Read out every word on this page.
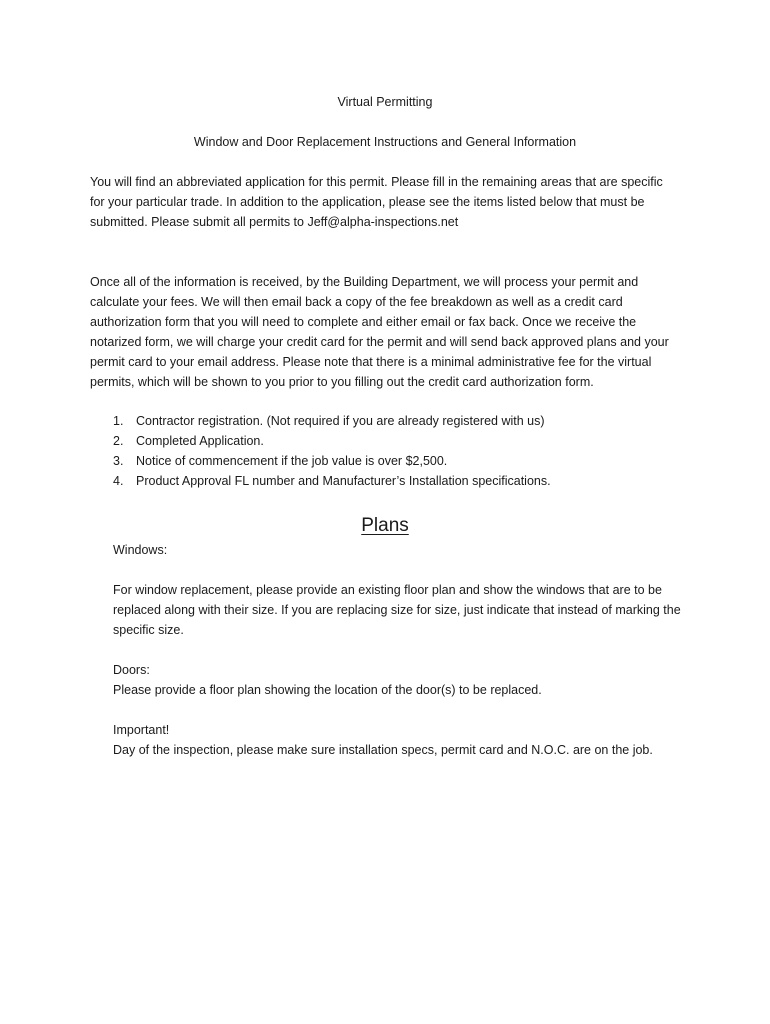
Virtual Permitting
Window and Door Replacement Instructions and General Information

You will find an abbreviated application for this permit. Please fill in the remaining areas that are specific for your particular trade. In addition to the application, please see the items listed below that must be submitted. Please submit all permits to Jeff@alpha-inspections.net

Once all of the information is received, by the Building Department, we will process your permit and calculate your fees. We will then email back a copy of the fee breakdown as well as a credit card authorization form that you will need to complete and either email or fax back. Once we receive the notarized form, we will charge your credit card for the permit and will send back approved plans and your permit card to your email address. Please note that there is a minimal administrative fee for the virtual permits, which will be shown to you prior to you filling out the credit card authorization form.

1.	Contractor registration. (Not required if you are already registered with us)
2.	Completed Application.
3.	Notice of commencement if the job value is over $2,500.
4.	Product Approval FL number and Manufacturer’s Installation specifications.
Plans
Windows:

For window replacement, please provide an existing floor plan and show the windows that are to be replaced along with their size. If you are replacing size for size, just indicate that instead of marking the specific size.

Doors:

Please provide a floor plan showing the location of the door(s) to be replaced.

Important!

Day of the inspection, please make sure installation specs, permit card and N.O.C. are on the job.
